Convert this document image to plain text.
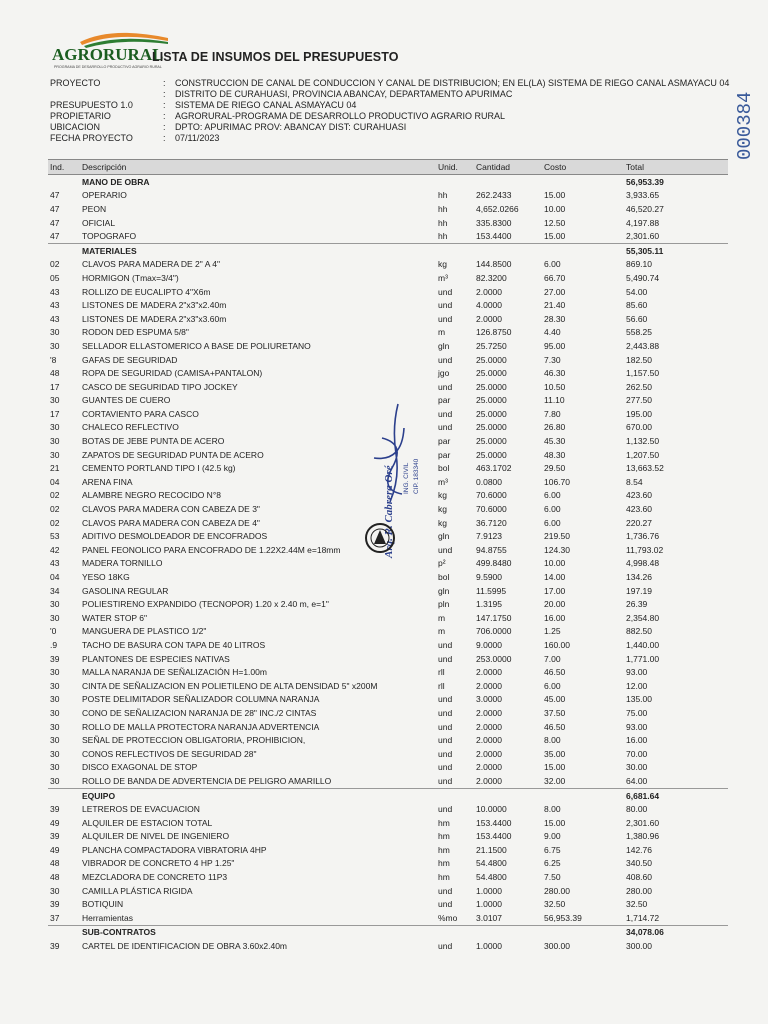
AGRORURAL
PROGRAMA DE DESARROLLO PRODUCTIVO AGRARIO RURAL
LISTA DE INSUMOS DEL PRESUPUESTO
000384
PROYECTO	:	CONSTRUCCION DE CANAL DE CONDUCCION Y CANAL DE DISTRIBUCION; EN EL(LA) SISTEMA DE RIEGO CANAL ASMAYACU 04
:	DISTRITO DE CURAHUASI, PROVINCIA ABANCAY, DEPARTAMENTO APURIMAC
PRESUPUESTO 1.0	:	SISTEMA DE RIEGO CANAL ASMAYACU 04
PROPIETARIO	:	AGRORURAL-PROGRAMA DE DESARROLLO PRODUCTIVO AGRARIO RURAL
UBICACION	:	DPTO: APURIMAC PROV: ABANCAY DIST: CURAHUASI
FECHA PROYECTO	:	07/11/2023
Ind.	Descripción	Unid.	Cantidad	Costo	Total
	MANO DE OBRA				56,953.39
47	OPERARIO	hh	262.2433	15.00	3,933.65
47	PEON	hh	4,652.0266	10.00	46,520.27
47	OFICIAL	hh	335.8300	12.50	4,197.88
47	TOPOGRAFO	hh	153.4400	15.00	2,301.60
	MATERIALES				55,305.11
02	CLAVOS PARA MADERA DE 2" A 4"	kg	144.8500	6.00	869.10
05	HORMIGON (Tmax=3/4")	m³	82.3200	66.70	5,490.74
43	ROLLIZO DE EUCALIPTO 4"X6m	und	2.0000	27.00	54.00
43	LISTONES DE MADERA 2"x3"x2.40m	und	4.0000	21.40	85.60
43	LISTONES DE MADERA 2"x3"x3.60m	und	2.0000	28.30	56.60
30	RODON DED ESPUMA 5/8"	m	126.8750	4.40	558.25
30	SELLADOR ELLASTOMERICO A BASE DE POLIURETANO	gln	25.7250	95.00	2,443.88
'8	GAFAS DE SEGURIDAD	und	25.0000	7.30	182.50
48	ROPA DE SEGURIDAD (CAMISA+PANTALON)	jgo	25.0000	46.30	1,157.50
17	CASCO DE SEGURIDAD TIPO JOCKEY	und	25.0000	10.50	262.50
30	GUANTES DE CUERO	par	25.0000	11.10	277.50
17	CORTAVIENTO PARA CASCO	und	25.0000	7.80	195.00
30	CHALECO REFLECTIVO	und	25.0000	26.80	670.00
30	BOTAS DE JEBE PUNTA DE ACERO	par	25.0000	45.30	1,132.50
30	ZAPATOS DE SEGURIDAD PUNTA DE ACERO	par	25.0000	48.30	1,207.50
21	CEMENTO PORTLAND TIPO I (42.5 kg)	bol	463.1702	29.50	13,663.52
04	ARENA FINA	m³	0.0800	106.70	8.54
02	ALAMBRE NEGRO RECOCIDO N°8	kg	70.6000	6.00	423.60
02	CLAVOS PARA MADERA CON CABEZA DE 3"	kg	70.6000	6.00	423.60
02	CLAVOS PARA MADERA CON CABEZA DE 4"	kg	36.7120	6.00	220.27
53	ADITIVO DESMOLDEADOR DE ENCOFRADOS	gln	7.9123	219.50	1,736.76
42	PANEL FEONOLICO PARA ENCOFRADO DE 1.22X2.44M e=18mm	und	94.8755	124.30	11,793.02
43	MADERA TORNILLO	p²	499.8480	10.00	4,998.48
04	YESO 18KG	bol	9.5900	14.00	134.26
34	GASOLINA REGULAR	gln	11.5995	17.00	197.19
30	POLIESTIRENO EXPANDIDO (TECNOPOR) 1.20 x 2.40 m, e=1"	pln	1.3195	20.00	26.39
30	WATER STOP 6"	m	147.1750	16.00	2,354.80
'0	MANGUERA DE PLASTICO 1/2"	m	706.0000	1.25	882.50
.9	TACHO DE BASURA CON TAPA DE 40 LITROS	und	9.0000	160.00	1,440.00
39	PLANTONES DE ESPECIES NATIVAS	und	253.0000	7.00	1,771.00
30	MALLA NARANJA DE SEÑALIZACIÓN H=1.00m	rll	2.0000	46.50	93.00
30	CINTA DE SEÑALIZACION EN POLIETILENO DE ALTA DENSIDAD 5" x200M	rll	2.0000	6.00	12.00
30	POSTE DELIMITADOR SEÑALIZADOR COLUMNA NARANJA	und	3.0000	45.00	135.00
30	CONO DE SEÑALIZACION NARANJA DE 28" INC./2 CINTAS	und	2.0000	37.50	75.00
30	ROLLO DE MALLA PROTECTORA NARANJA ADVERTENCIA	und	2.0000	46.50	93.00
30	SEÑAL DE PROTECCION OBLIGATORIA, PROHIBICION,	und	2.0000	8.00	16.00
30	CONOS REFLECTIVOS DE SEGURIDAD 28"	und	2.0000	35.00	70.00
30	DISCO EXAGONAL DE STOP	und	2.0000	15.00	30.00
30	ROLLO DE BANDA DE ADVERTENCIA DE PELIGRO AMARILLO	und	2.0000	32.00	64.00
	EQUIPO				6,681.64
39	LETREROS DE EVACUACION	und	10.0000	8.00	80.00
49	ALQUILER DE ESTACION TOTAL	hm	153.4400	15.00	2,301.60
39	ALQUILER DE NIVEL DE INGENIERO	hm	153.4400	9.00	1,380.96
49	PLANCHA COMPACTADORA VIBRATORIA 4HP	hm	21.1500	6.75	142.76
48	VIBRADOR DE CONCRETO 4 HP 1.25"	hm	54.4800	6.25	340.50
48	MEZCLADORA DE CONCRETO 11P3	hm	54.4800	7.50	408.60
30	CAMILLA PLÁSTICA RIGIDA	und	1.0000	280.00	280.00
39	BOTIQUIN	und	1.0000	32.50	32.50
37	Herramientas	%mo	3.0107	56,953.39	1,714.72
	SUB-CONTRATOS				34,078.06
39	CARTEL DE IDENTIFICACION DE OBRA 3.60x2.40m	und	1.0000	300.00	300.00
Arq. R. Cabrera Oré ING. CIVIL CIP. 183340
